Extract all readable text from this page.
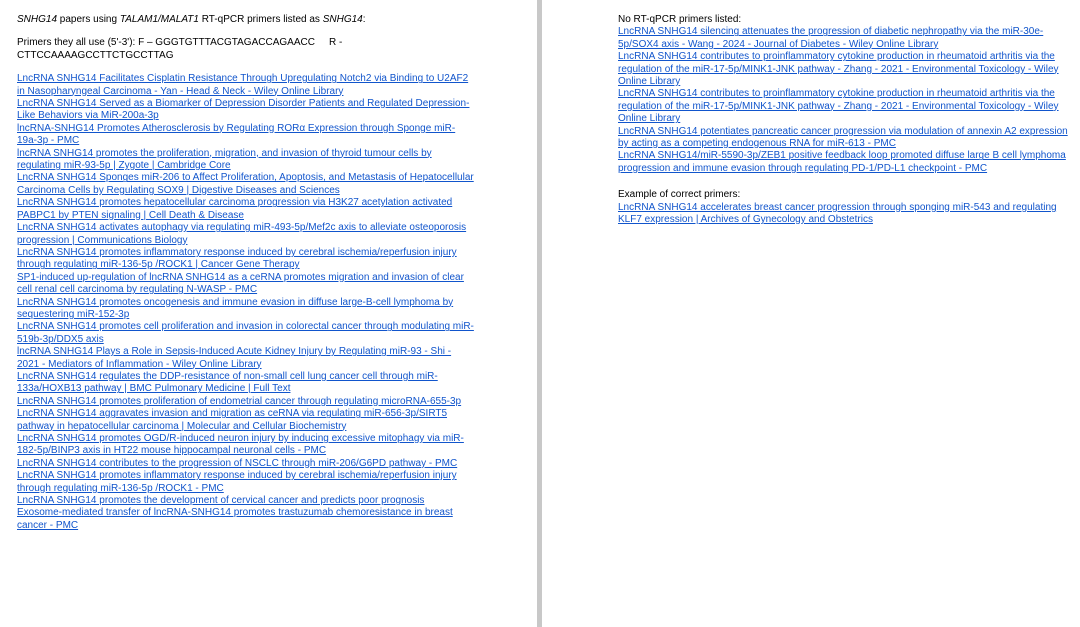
SNHG14 papers using TALAM1/MALAT1 RT-qPCR primers listed as SNHG14:

Primers they all use (5'-3'): F – GGGTGTTTACGTAGACCAGAACC R -
CTTCCAAAAGCCTTCTGCCTTAG

LncRNA SNHG14 Facilitates Cisplatin Resistance Through Upregulating Notch2 via Binding to U2AF2 in Nasopharyngeal Carcinoma - Yan - Head & Neck - Wiley Online Library
LncRNA SNHG14 Served as a Biomarker of Depression Disorder Patients and Regulated Depression-Like Behaviors via MiR-200a-3p
lncRNA-SNHG14 Promotes Atherosclerosis by Regulating RORα Expression through Sponge miR-19a-3p - PMC
lncRNA SNHG14 promotes the proliferation, migration, and invasion of thyroid tumour cells by regulating miR-93-5p | Zygote | Cambridge Core
LncRNA SNHG14 Sponges miR-206 to Affect Proliferation, Apoptosis, and Metastasis of Hepatocellular Carcinoma Cells by Regulating SOX9 | Digestive Diseases and Sciences
LncRNA SNHG14 promotes hepatocellular carcinoma progression via H3K27 acetylation activated PABPC1 by PTEN signaling | Cell Death & Disease
LncRNA SNHG14 activates autophagy via regulating miR-493-5p/Mef2c axis to alleviate osteoporosis progression | Communications Biology
LncRNA SNHG14 promotes inflammatory response induced by cerebral ischemia/reperfusion injury through regulating miR-136-5p /ROCK1 | Cancer Gene Therapy
SP1-induced up-regulation of lncRNA SNHG14 as a ceRNA promotes migration and invasion of clear cell renal cell carcinoma by regulating N-WASP - PMC
LncRNA SNHG14 promotes oncogenesis and immune evasion in diffuse large-B-cell lymphoma by sequestering miR-152-3p
LncRNA SNHG14 promotes cell proliferation and invasion in colorectal cancer through modulating miR-519b-3p/DDX5 axis
lncRNA SNHG14 Plays a Role in Sepsis-Induced Acute Kidney Injury by Regulating miR-93 - Shi - 2021 - Mediators of Inflammation - Wiley Online Library
LncRNA SNHG14 regulates the DDP-resistance of non-small cell lung cancer cell through miR-133a/HOXB13 pathway | BMC Pulmonary Medicine | Full Text
LncRNA SNHG14 promotes proliferation of endometrial cancer through regulating microRNA-655-3p
LncRNA SNHG14 aggravates invasion and migration as ceRNA via regulating miR-656-3p/SIRT5 pathway in hepatocellular carcinoma | Molecular and Cellular Biochemistry
LncRNA SNHG14 promotes OGD/R-induced neuron injury by inducing excessive mitophagy via miR-182-5p/BINP3 axis in HT22 mouse hippocampal neuronal cells - PMC
LncRNA SNHG14 contributes to the progression of NSCLC through miR-206/G6PD pathway - PMC
LncRNA SNHG14 promotes inflammatory response induced by cerebral ischemia/reperfusion injury through regulating miR-136-5p /ROCK1 - PMC
LncRNA SNHG14 promotes the development of cervical cancer and predicts poor prognosis
Exosome-mediated transfer of lncRNA-SNHG14 promotes trastuzumab chemoresistance in breast cancer - PMC

No RT-qPCR primers listed:

LncRNA SNHG14 silencing attenuates the progression of diabetic nephropathy via the miR-30e-5p/SOX4 axis - Wang - 2024 - Journal of Diabetes - Wiley Online Library
LncRNA SNHG14 contributes to proinflammatory cytokine production in rheumatoid arthritis via the regulation of the miR-17-5p/MINK1-JNK pathway - Zhang - 2021 - Environmental Toxicology - Wiley Online Library
LncRNA SNHG14 contributes to proinflammatory cytokine production in rheumatoid arthritis via the regulation of the miR-17-5p/MINK1-JNK pathway - Zhang - 2021 - Environmental Toxicology - Wiley Online Library
LncRNA SNHG14 potentiates pancreatic cancer progression via modulation of annexin A2 expression by acting as a competing endogenous RNA for miR-613 - PMC
LncRNA SNHG14/miR-5590-3p/ZEB1 positive feedback loop promoted diffuse large B cell lymphoma progression and immune evasion through regulating PD-1/PD-L1 checkpoint - PMC

Example of correct primers:

LncRNA SNHG14 accelerates breast cancer progression through sponging miR-543 and regulating KLF7 expression | Archives of Gynecology and Obstetrics
